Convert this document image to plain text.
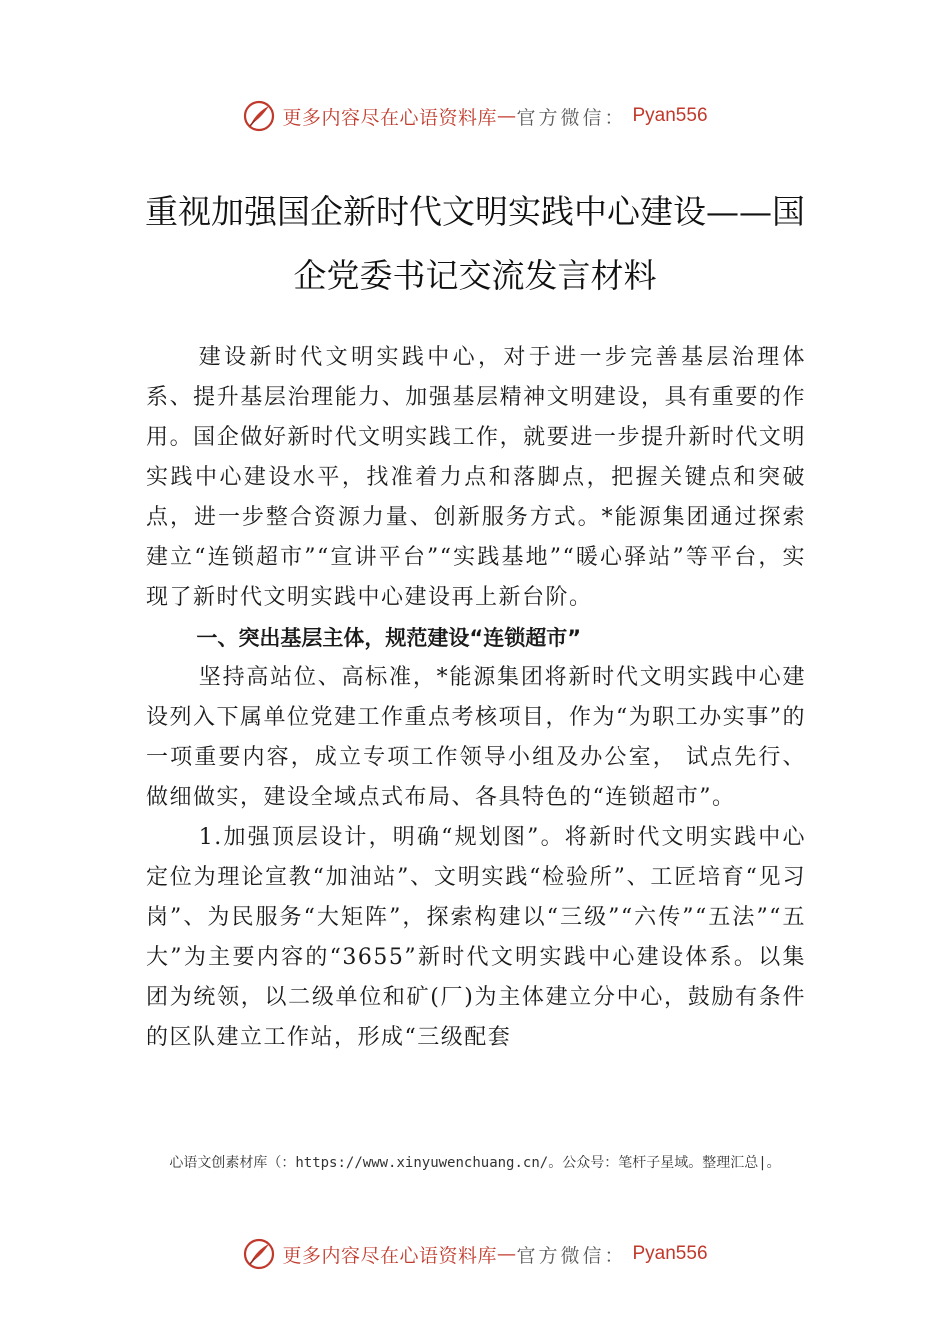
更多内容尽在心语资料库 — 官方微信： Pyan556
重视加强国企新时代文明实践中心建设——国企党委书记交流发言材料

建设新时代文明实践中心，对于进一步完善基层治理体系、提升基层治理能力、加强基层精神文明建设，具有重要的作用。国企做好新时代文明实践工作，就要进一步提升新时代文明实践中心建设水平，找准着力点和落脚点，把握关键点和突破点，进一步整合资源力量、创新服务方式。*能源集团通过探索建立“连锁超市”“宣讲平台”“实践基地”“暖心驿站”等平台，实现了新时代文明实践中心建设再上新台阶。

一、突出基层主体，规范建设“连锁超市”

坚持高站位、高标准，*能源集团将新时代文明实践中心建设列入下属单位党建工作重点考核项目，作为“为职工办实事”的一项重要内容，成立专项工作领导小组及办公室， 试点先行、做细做实，建设全域点式布局、各具特色的“连锁超市”。

1.加强顶层设计，明确“规划图”。将新时代文明实践中心定位为理论宣教“加油站”、文明实践“检验所”、工匠培育“见习岗”、为民服务“大矩阵”，探索构建以“三级”“六传”“五法”“五大”为主要内容的“3655”新时代文明实践中心建设体系。以集团为统领，以二级单位和矿(厂)为主体建立分中心，鼓励有条件的区队建立工作站，形成“三级配套

心语文创素材库（：https://www.xinyuwenchuang.cn/。公众号：笔杆子星域。整理汇总|。
更多内容尽在心语资料库 — 官方微信： Pyan556
